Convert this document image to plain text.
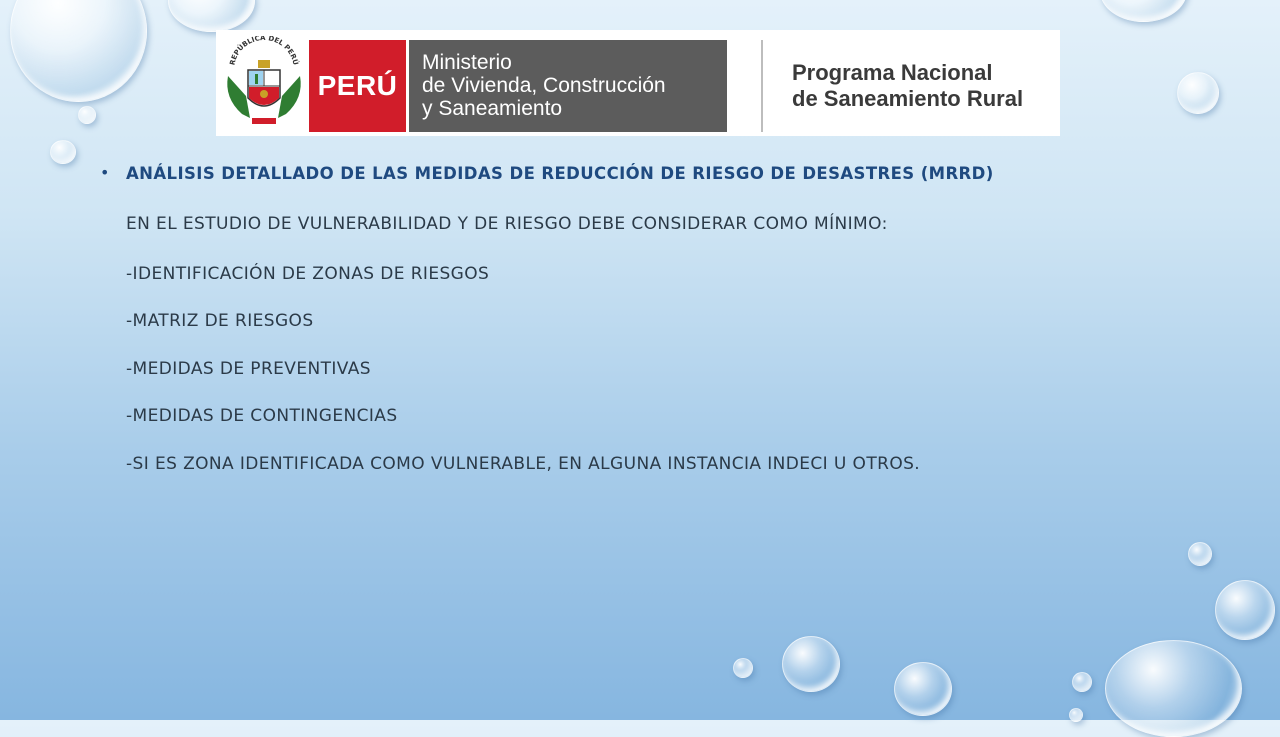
REPÚBLICA DEL PERÚ
PERÚ
Ministerio
de Vivienda, Construcción
y Saneamiento
Programa Nacional
de Saneamiento Rural
• ANÁLISIS DETALLADO DE LAS MEDIDAS DE REDUCCIÓN DE RIESGO DE DESASTRES (MRRD)
EN EL ESTUDIO DE VULNERABILIDAD Y DE RIESGO DEBE CONSIDERAR COMO MÍNIMO:
-IDENTIFICACIÓN DE ZONAS DE RIESGOS
-MATRIZ DE RIESGOS
-MEDIDAS DE PREVENTIVAS
-MEDIDAS DE CONTINGENCIAS
-SI ES ZONA IDENTIFICADA COMO VULNERABLE, EN ALGUNA INSTANCIA INDECI U OTROS.
